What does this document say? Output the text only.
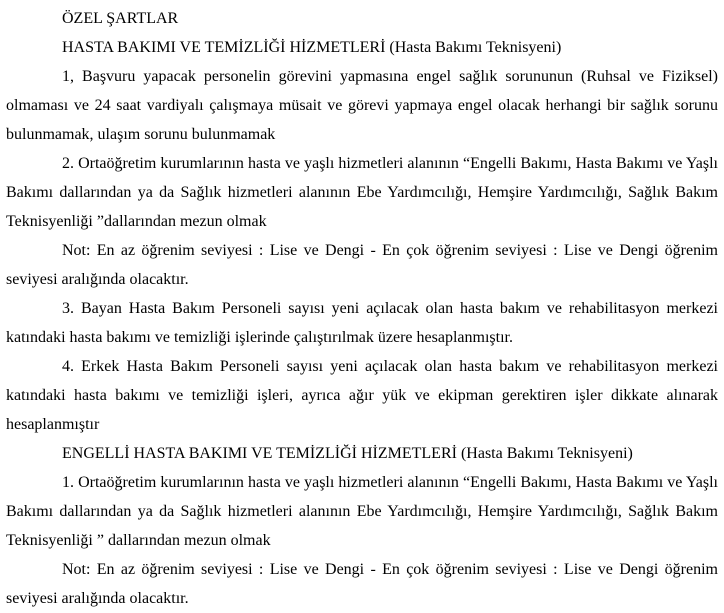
ÖZEL ŞARTLAR

HASTA BAKIMI VE TEMİZLİĞİ HİZMETLERİ (Hasta Bakımı Teknisyeni)

1, Başvuru yapacak personelin görevini yapmasına engel sağlık sorununun (Ruhsal ve Fiziksel) olmaması ve 24 saat vardiyalı çalışmaya müsait ve görevi yapmaya engel olacak herhangi bir sağlık sorunu bulunmamak, ulaşım sorunu bulunmamak

2. Ortaöğretim kurumlarının hasta ve yaşlı hizmetleri alanının “Engelli Bakımı, Hasta Bakımı ve Yaşlı Bakımı dallarından ya da Sağlık hizmetleri alanının Ebe Yardımcılığı, Hemşire Yardımcılığı, Sağlık Bakım Teknisyenliği ”dallarından mezun olmak

Not: En az öğrenim seviyesi : Lise ve Dengi - En çok öğrenim seviyesi : Lise ve Dengi öğrenim seviyesi aralığında olacaktır.

3. Bayan Hasta Bakım Personeli sayısı yeni açılacak olan hasta bakım ve rehabilitasyon merkezi katındaki hasta bakımı ve temizliği işlerinde çalıştırılmak üzere hesaplanmıştır.

4. Erkek Hasta Bakım Personeli sayısı yeni açılacak olan hasta bakım ve rehabilitasyon merkezi katındaki hasta bakımı ve temizliği işleri, ayrıca ağır yük ve ekipman gerektiren işler dikkate alınarak hesaplanmıştır

ENGELLİ HASTA BAKIMI VE TEMİZLİĞİ HİZMETLERİ (Hasta Bakımı Teknisyeni)

1. Ortaöğretim kurumlarının hasta ve yaşlı hizmetleri alanının “Engelli Bakımı, Hasta Bakımı ve Yaşlı Bakımı dallarından ya da Sağlık hizmetleri alanının Ebe Yardımcılığı, Hemşire Yardımcılığı, Sağlık Bakım Teknisyenliği ” dallarından mezun olmak

Not: En az öğrenim seviyesi : Lise ve Dengi - En çok öğrenim seviyesi : Lise ve Dengi öğrenim seviyesi aralığında olacaktır.
